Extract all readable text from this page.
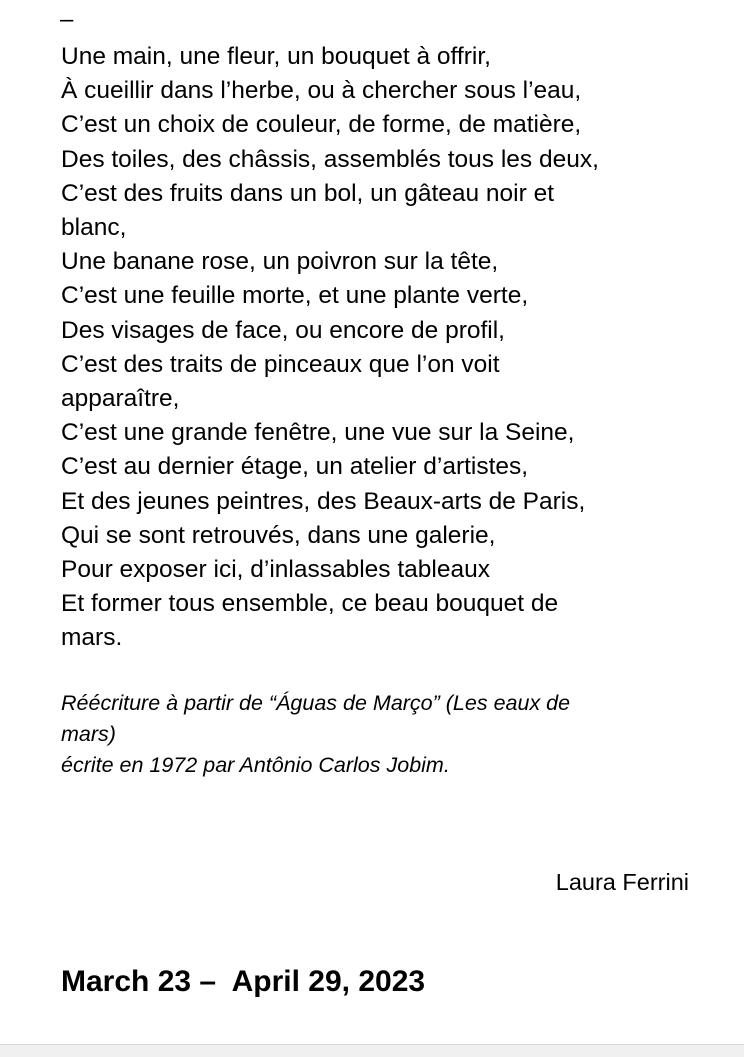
–
Une main, une fleur, un bouquet à offrir,
À cueillir dans l’herbe, ou à chercher sous l’eau,
C’est un choix de couleur, de forme, de matière,
Des toiles, des châssis, assemblés tous les deux,
C’est des fruits dans un bol, un gâteau noir et
blanc,
Une banane rose, un poivron sur la tête,
C’est une feuille morte, et une plante verte,
Des visages de face, ou encore de profil,
C’est des traits de pinceaux que l’on voit
apparaître,
C’est une grande fenêtre, une vue sur la Seine,
C’est au dernier étage, un atelier d’artistes,
Et des jeunes peintres, des Beaux-arts de Paris,
Qui se sont retrouvés, dans une galerie,
Pour exposer ici, d’inlassables tableaux
Et former tous ensemble, ce beau bouquet de
mars.
Réécriture à partir de “Águas de Março” (Les eaux de
mars)
écrite en 1972 par Antônio Carlos Jobim.
Laura Ferrini
March 23 –  April 29, 2023
